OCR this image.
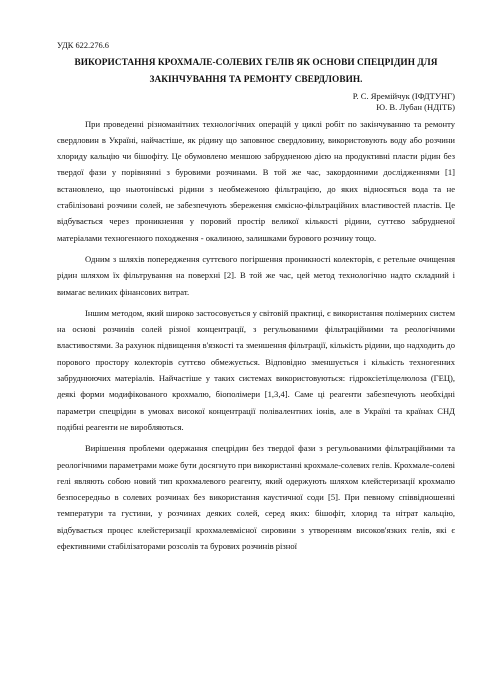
УДК 622.276.6
ВИКОРИСТАННЯ КРОХМАЛЕ-СОЛЕВИХ ГЕЛІВ ЯК ОСНОВИ СПЕЦРІДИН ДЛЯ ЗАКІНЧУВАННЯ ТА РЕМОНТУ СВЕРДЛОВИН.
Р. С. Яремійчук (ІФДТУНГ)
Ю. В. Лубан (НДІТБ)

При проведенні різноманітних технологічних операцій у циклі робіт по закінчуванню та ремонту свердловин в Україні, найчастіше, як рідину що заповнює свердловину, використовують воду або розчини хлориду кальцію чи бішофіту. Це обумовлено меншою забрудненою дією на продуктивні пласти рідин без твердої фази у порівнянні з буровими розчинами. В той же час, закордонними дослідженнями [1] встановлено, що ньютонівські рідини з необмеженою фільтрацією, до яких відносяться вода та не стабілізовані розчини солей, не забезпечують збереження ємкісно-фільтраційних властивостей пластів. Це відбувається через проникнення у поровий простір великої кількості рідини, суттєво забрудненої матеріалами техногенного походження - окалиною, залишками бурового розчину тощо.

Одним з шляхів попередження суттєвого погіршення проникності колекторів, є ретельне очищення рідин шляхом їх фільтрування на поверхні [2]. В той же час, цей метод технологічно надто складний і вимагає великих фінансових витрат.

Іншим методом, який широко застосовується у світовій практиці, є використання полімерних систем на основі розчинів солей різної концентрації, з регульованими фільтраційними та реологічними властивостями. За рахунок підвищення в'язкості та зменшення фільтрації, кількість рідини, що надходить до порового простору колекторів суттєво обмежується. Відповідно зменшується і кількість техногенних забруднюючих матеріалів. Найчастіше у таких системах використовуються: гідроксіетілцелюлоза (ГЕЦ), деякі форми модифікованого крохмалю, біополімери [1,3,4]. Саме ці реагенти забезпечують необхідні параметри спецрідин в умовах високої концентрації полівалентних іонів, але в Україні та країнах СНД подібні реагенти не виробляються.

Вирішення проблеми одержання спецрідин без твердої фази з регульованими фільтраційними та реологічними параметрами може бути досягнуто при використанні крохмале-солевих гелів. Крохмале-солеві гелі являють собою новий тип крохмалевого реагенту, який одержують шляхом клейстеризації крохмалю безпосередньо в солевих розчинах без використання каустичної соди [5]. При певному співвідношенні температури та густини, у розчинах деяких солей, серед яких: бішофіт, хлорид та нітрат кальцію, відбувається процес клейстеризації крохмалевмісної сировини з утворенням високов'язких гелів, які є ефективними стабілізаторами розсолів та бурових розчинів різної
